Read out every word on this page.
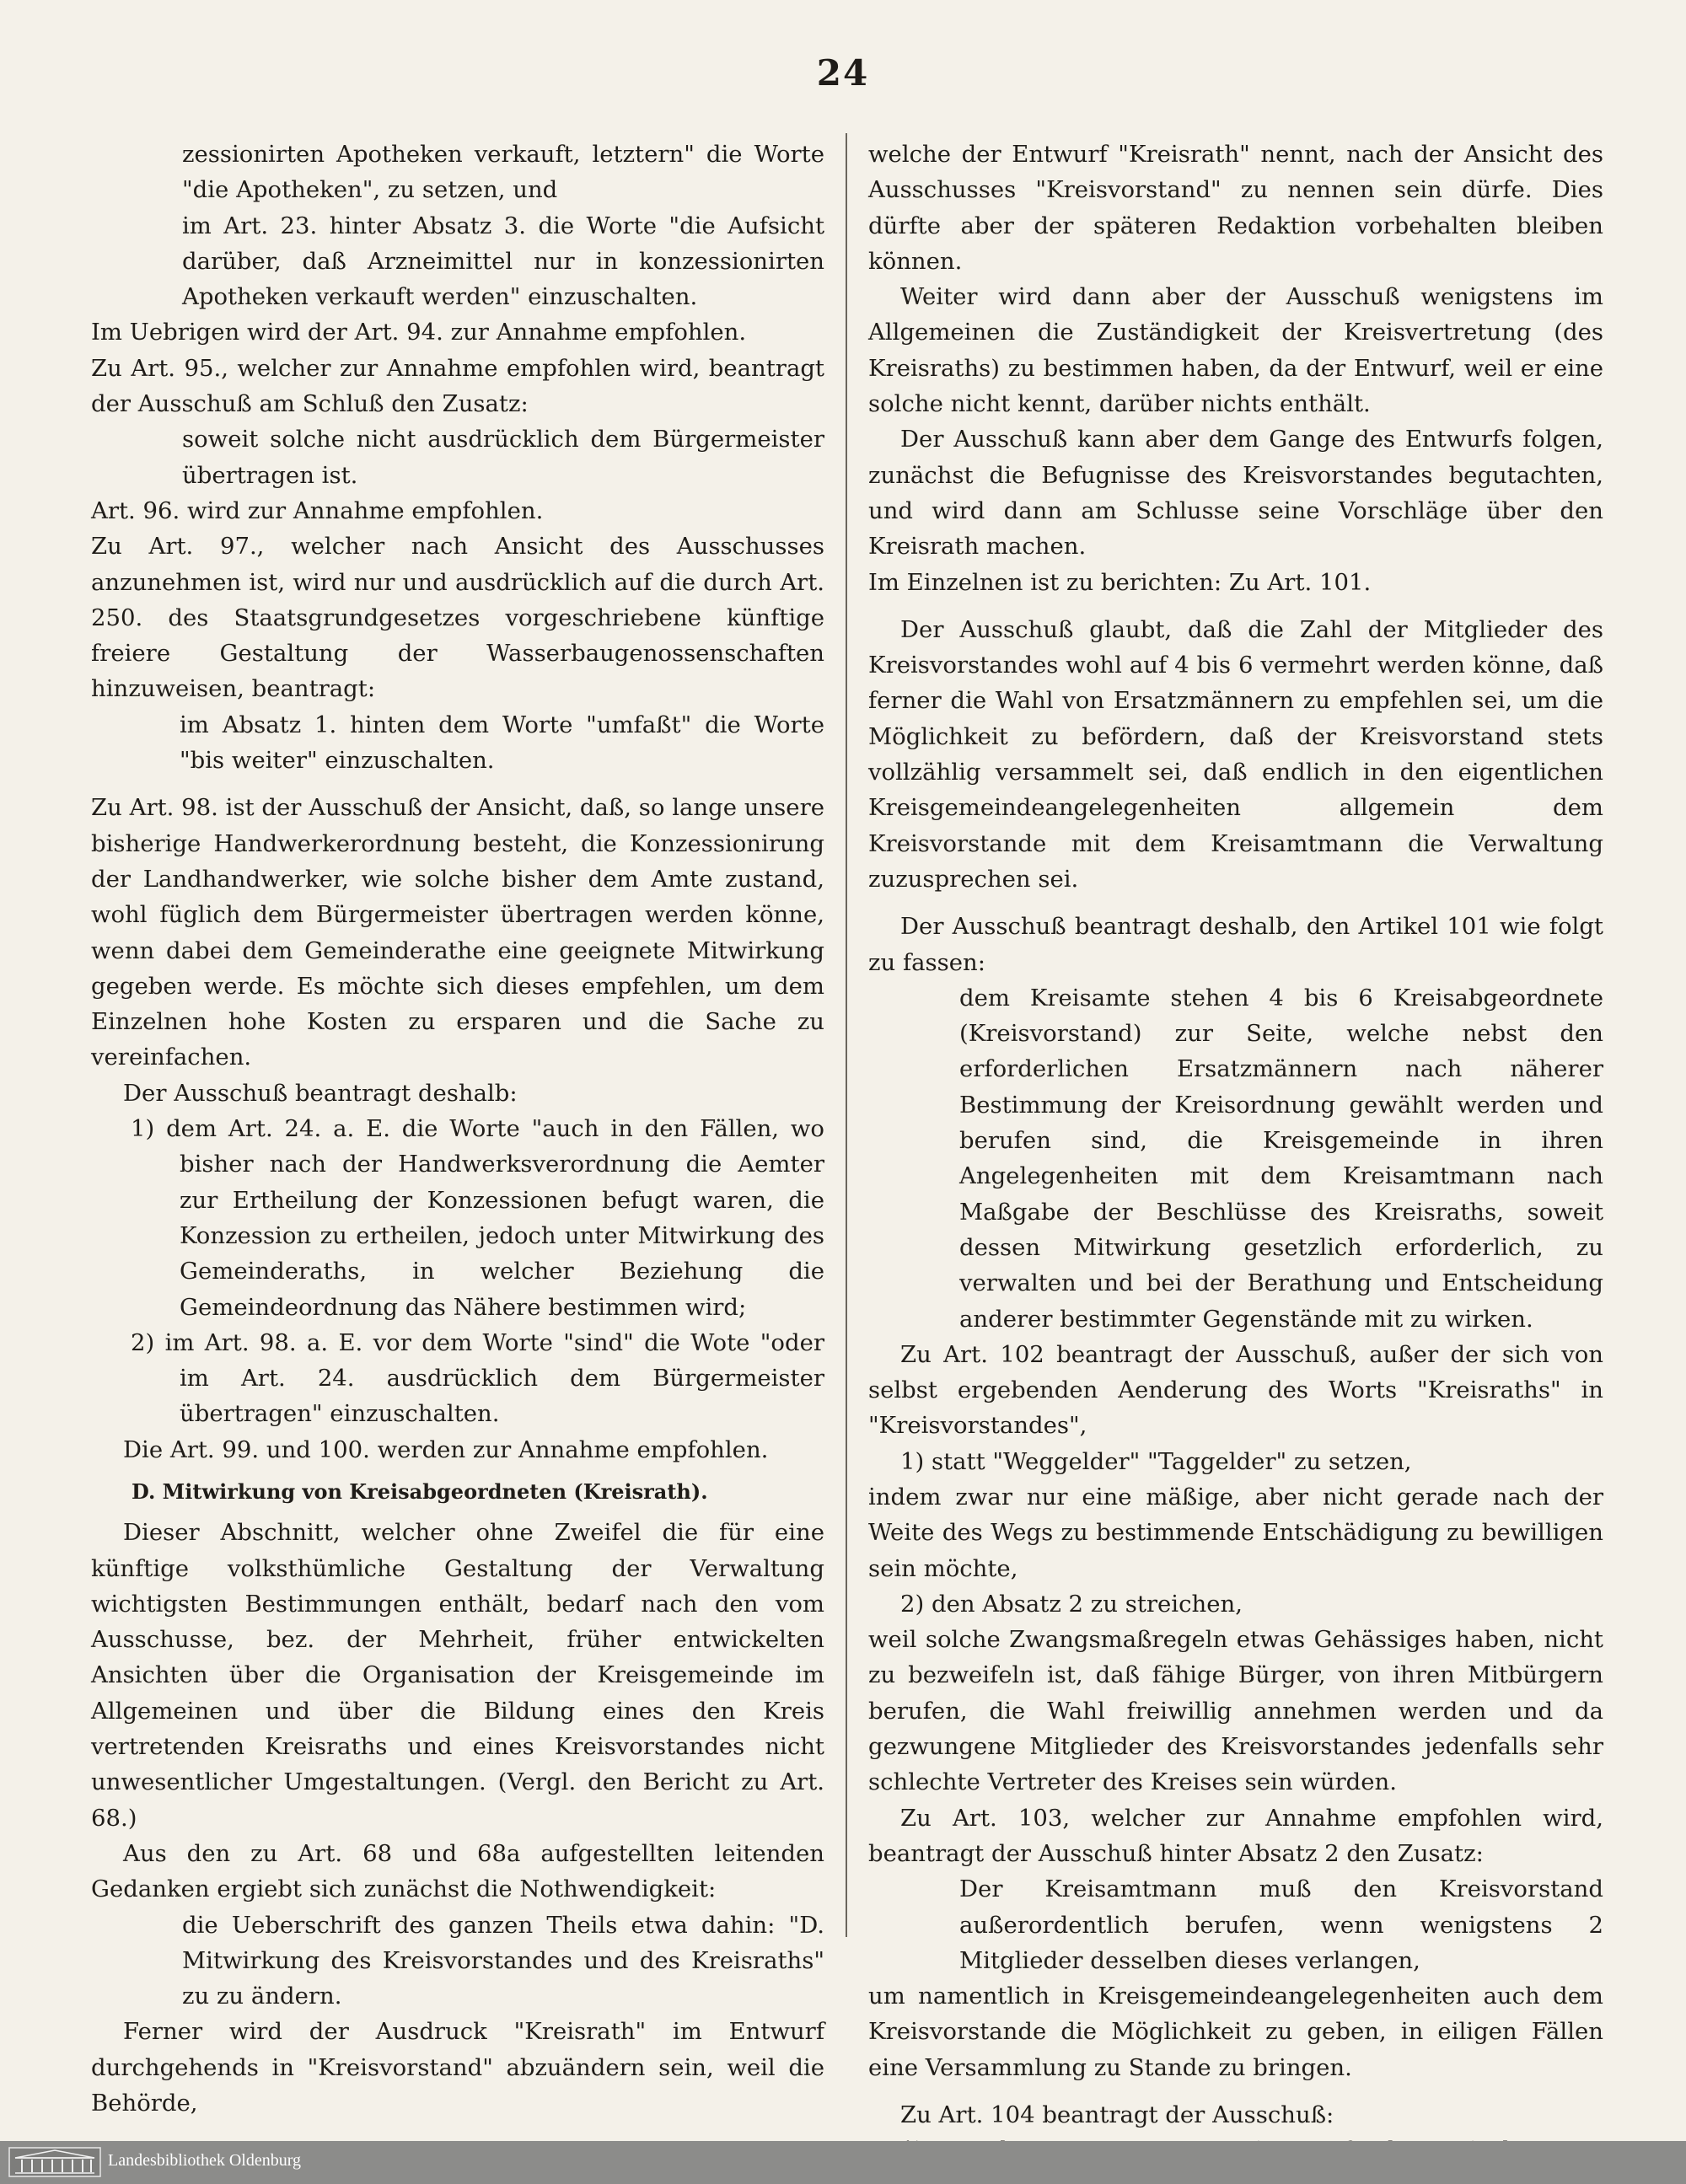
24

zessionirten Apotheken verkauft, letztern" die Worte "die Apotheken", zu setzen, und

im Art. 23. hinter Absatz 3. die Worte "die Aufsicht darüber, daß Arzneimittel nur in konzessionirten Apotheken verkauft werden" einzuschalten.

Im Uebrigen wird der Art. 94. zur Annahme empfohlen.

Zu Art. 95., welcher zur Annahme empfohlen wird, beantragt der Ausschuß am Schluß den Zusatz:

soweit solche nicht ausdrücklich dem Bürgermeister übertragen ist.

Art. 96. wird zur Annahme empfohlen.

Zu Art. 97., welcher nach Ansicht des Ausschusses anzunehmen ist, wird nur und ausdrücklich auf die durch Art. 250. des Staatsgrundgesetzes vorgeschriebene künftige freiere Gestaltung der Wasserbaugenossenschaften hinzuweisen, beantragt:

im Absatz 1. hinten dem Worte "umfaßt" die Worte "bis weiter" einzuschalten.

Zu Art. 98. ist der Ausschuß der Ansicht, daß, so lange unsere bisherige Handwerkerordnung besteht, die Konzessionirung der Landhandwerker, wie solche bisher dem Amte zustand, wohl füglich dem Bürgermeister übertragen werden könne, wenn dabei dem Gemeinderathe eine geeignete Mitwirkung gegeben werde. Es möchte sich dieses empfehlen, um dem Einzelnen hohe Kosten zu ersparen und die Sache zu vereinfachen.

Der Ausschuß beantragt deshalb:

1) dem Art. 24. a. E. die Worte "auch in den Fällen, wo bisher nach der Handwerksverordnung die Aemter zur Ertheilung der Konzessionen befugt waren, die Konzession zu ertheilen, jedoch unter Mitwirkung des Gemeinderaths, in welcher Beziehung die Gemeindeordnung das Nähere bestimmen wird;

2) im Art. 98. a. E. vor dem Worte "sind" die Wote "oder im Art. 24. ausdrücklich dem Bürgermeister übertragen" einzuschalten.

Die Art. 99. und 100. werden zur Annahme empfohlen.

D. Mitwirkung von Kreisabgeordneten (Kreisrath).

Dieser Abschnitt, welcher ohne Zweifel die für eine künftige volksthümliche Gestaltung der Verwaltung wichtigsten Bestimmungen enthält, bedarf nach den vom Ausschusse, bez. der Mehrheit, früher entwickelten Ansichten über die Organisation der Kreisgemeinde im Allgemeinen und über die Bildung eines den Kreis vertretenden Kreisraths und eines Kreisvorstandes nicht unwesentlicher Umgestaltungen. (Vergl. den Bericht zu Art. 68.)

Aus den zu Art. 68 und 68a aufgestellten leitenden Gedanken ergiebt sich zunächst die Nothwendigkeit:

die Ueberschrift des ganzen Theils etwa dahin: "D. Mitwirkung des Kreisvorstandes und des Kreisraths" zu zu ändern.

Ferner wird der Ausdruck "Kreisrath" im Entwurf durchgehends in "Kreisvorstand" abzuändern sein, weil die Behörde,

welche der Entwurf "Kreisrath" nennt, nach der Ansicht des Ausschusses "Kreisvorstand" zu nennen sein dürfe. Dies dürfte aber der späteren Redaktion vorbehalten bleiben können.

Weiter wird dann aber der Ausschuß wenigstens im Allgemeinen die Zuständigkeit der Kreisvertretung (des Kreisraths) zu bestimmen haben, da der Entwurf, weil er eine solche nicht kennt, darüber nichts enthält.

Der Ausschuß kann aber dem Gange des Entwurfs folgen, zunächst die Befugnisse des Kreisvorstandes begutachten, und wird dann am Schlusse seine Vorschläge über den Kreisrath machen.

Im Einzelnen ist zu berichten: Zu Art. 101.

Der Ausschuß glaubt, daß die Zahl der Mitglieder des Kreisvorstandes wohl auf 4 bis 6 vermehrt werden könne, daß ferner die Wahl von Ersatzmännern zu empfehlen sei, um die Möglichkeit zu befördern, daß der Kreisvorstand stets vollzählig versammelt sei, daß endlich in den eigentlichen Kreisgemeindeangelegenheiten allgemein dem Kreisvorstande mit dem Kreisamtmann die Verwaltung zuzusprechen sei.

Der Ausschuß beantragt deshalb, den Artikel 101 wie folgt zu fassen:

dem Kreisamte stehen 4 bis 6 Kreisabgeordnete (Kreisvorstand) zur Seite, welche nebst den erforderlichen Ersatzmännern nach näherer Bestimmung der Kreisordnung gewählt werden und berufen sind, die Kreisgemeinde in ihren Angelegenheiten mit dem Kreisamtmann nach Maßgabe der Beschlüsse des Kreisraths, soweit dessen Mitwirkung gesetzlich erforderlich, zu verwalten und bei der Berathung und Entscheidung anderer bestimmter Gegenstände mit zu wirken.

Zu Art. 102 beantragt der Ausschuß, außer der sich von selbst ergebenden Aenderung des Worts "Kreisraths" in "Kreisvorstandes",

1) statt "Weggelder" "Taggelder" zu setzen,

indem zwar nur eine mäßige, aber nicht gerade nach der Weite des Wegs zu bestimmende Entschädigung zu bewilligen sein möchte,

2) den Absatz 2 zu streichen,

weil solche Zwangsmaßregeln etwas Gehässiges haben, nicht zu bezweifeln ist, daß fähige Bürger, von ihren Mitbürgern berufen, die Wahl freiwillig annehmen werden und da gezwungene Mitglieder des Kreisvorstandes jedenfalls sehr schlechte Vertreter des Kreises sein würden.

Zu Art. 103, welcher zur Annahme empfohlen wird, beantragt der Ausschuß hinter Absatz 2 den Zusatz:

Der Kreisamtmann muß den Kreisvorstand außerordentlich berufen, wenn wenigstens 2 Mitglieder desselben dieses verlangen,

um namentlich in Kreisgemeindeangelegenheiten auch dem Kreisvorstande die Möglichkeit zu geben, in eiligen Fällen eine Versammlung zu Stande zu bringen.

Zu Art. 104 beantragt der Ausschuß:

Landesbibliothek Oldenburg
